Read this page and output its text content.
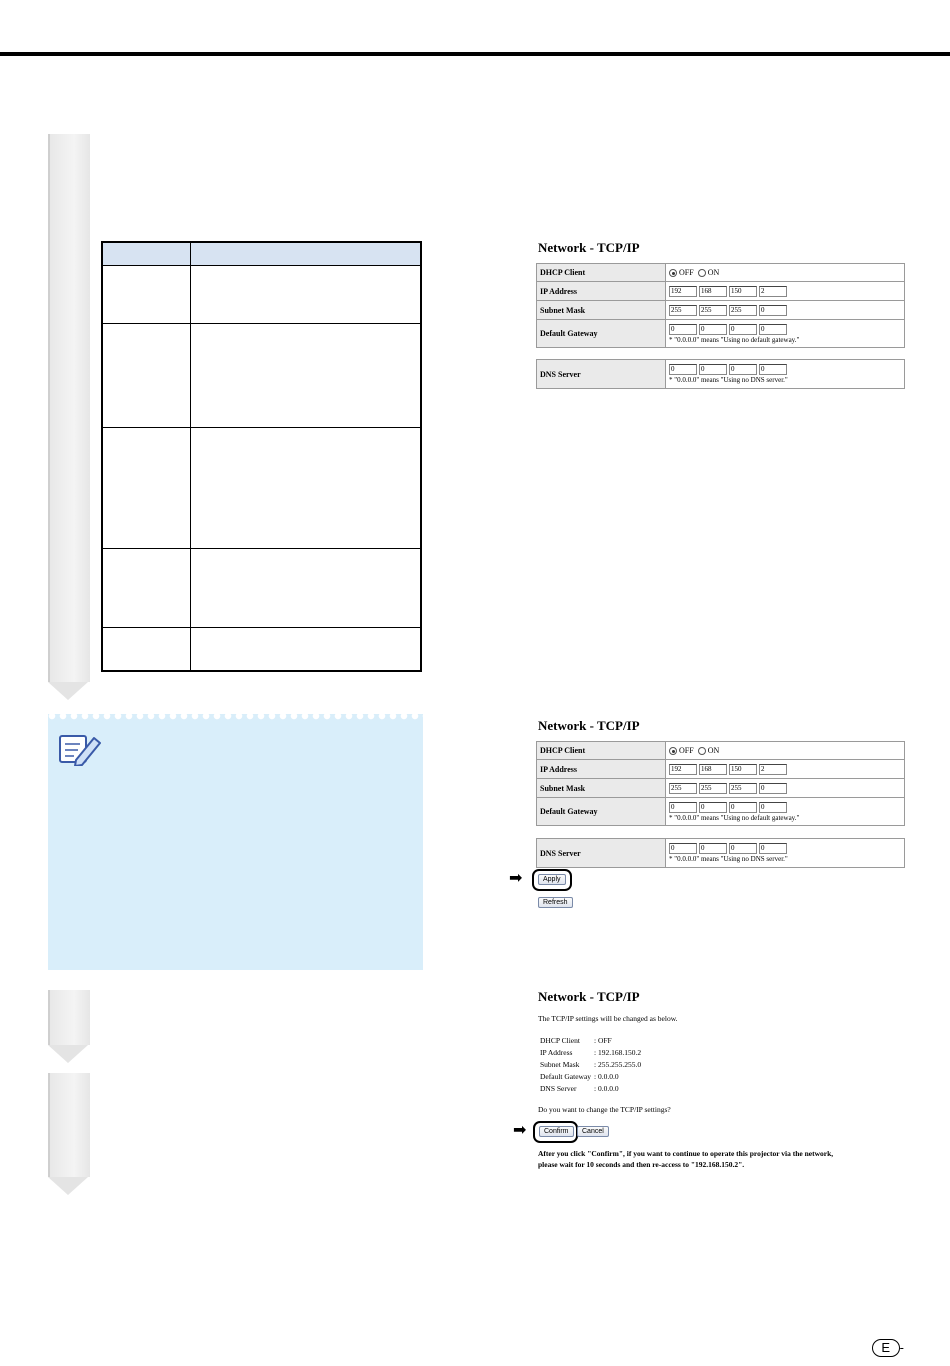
Network - TCP/IP
DHCP Client	OFF ON
IP Address	192 168 150 2
Subnet Mask	255 255 255 0
Default Gateway	0 0 0 0
* "0.0.0.0" means "Using no default gateway."
DNS Server	0	0	0	0
* "0.0.0.0" means "Using no DNS server."
Network - TCP/IP
DHCP Client	OFF ON
IP Address	192 168 150 2
Subnet Mask	255 255 255 0
Default Gateway	0 0 0 0
* "0.0.0.0" means "Using no default gateway."
DNS Server	0	0	0	0
* "0.0.0.0" means "Using no DNS server."
➡	Apply
Refresh
Network - TCP/IP
The TCP/IP settings will be changed as below.
DHCP Client : OFF
IP Address	: 192.168.150.2
Subnet Mask : 255.255.255.0
Default Gateway : 0.0.0.0
DNS Server : 0.0.0.0
Do you want to change the TCP/IP settings?
➡	Confirm	Cancel
After you click "Confirm", if you want to continue to operate this projector via the network,
please wait for 10 seconds and then re-access to "192.168.150.2".
E -
